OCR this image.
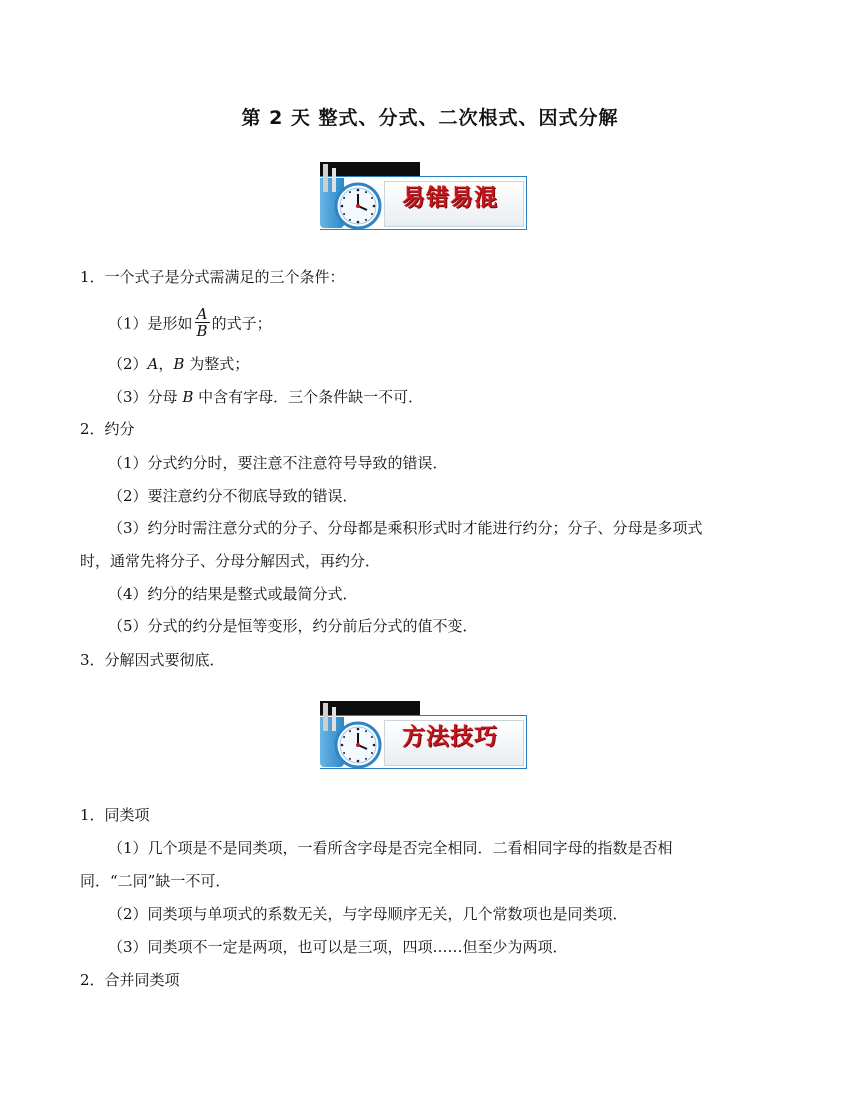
第 2 天 整式、分式、二次根式、因式分解
易错易混
1．一个式子是分式需满足的三个条件：
（1）是形如 $\frac{A}{B}$ 的式子；
（2）A，B 为整式；
（3）分母 B 中含有字母．三个条件缺一不可．
2．约分
（1）分式约分时，要注意不注意符号导致的错误．
（2）要注意约分不彻底导致的错误．
（3）约分时需注意分式的分子、分母都是乘积形式时才能进行约分；分子、分母是多项式
时，通常先将分子、分母分解因式，再约分．
（4）约分的结果是整式或最简分式．
（5）分式的约分是恒等变形，约分前后分式的值不变．
3．分解因式要彻底．
方法技巧
1．同类项
（1）几个项是不是同类项，一看所含字母是否完全相同．二看相同字母的指数是否相
同．“二同”缺一不可．
（2）同类项与单项式的系数无关，与字母顺序无关，几个常数项也是同类项．
（3）同类项不一定是两项，也可以是三项，四项……但至少为两项．
2．合并同类项
